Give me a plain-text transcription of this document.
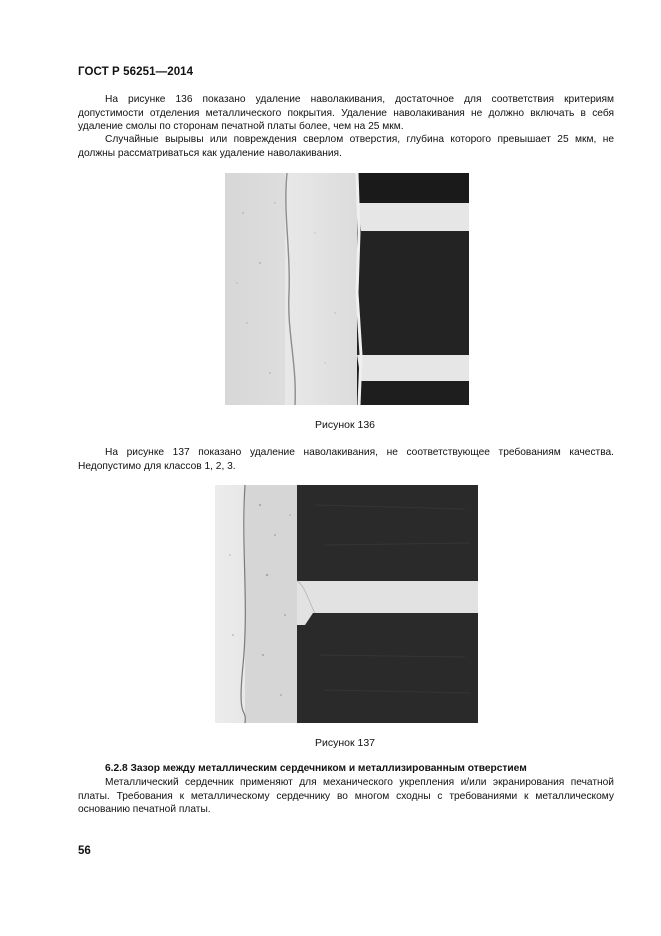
ГОСТ Р 56251—2014

На рисунке 136 показано удаление наволакивания, достаточное для соответствия критериям допустимости отделения металлического покрытия. Удаление наволакивания не должно включать в себя удаление смолы по сторонам печатной платы более, чем на 25 мкм.

Случайные вырывы или повреждения сверлом отверстия, глубина которого превышает 25 мкм, не должны рассматриваться как удаление наволакивания.

Рисунок 136

На рисунке 137 показано удаление наволакивания, не соответствующее требованиям качества. Недопустимо для классов 1, 2, 3.

Рисунок 137
6.2.8 Зазор между металлическим сердечником и металлизированным отверстием

Металлический сердечник применяют для механического укрепления и/или экранирования печатной платы. Требования к металлическому сердечнику во многом сходны с требованиями к металлическому основанию печатной платы.

56
